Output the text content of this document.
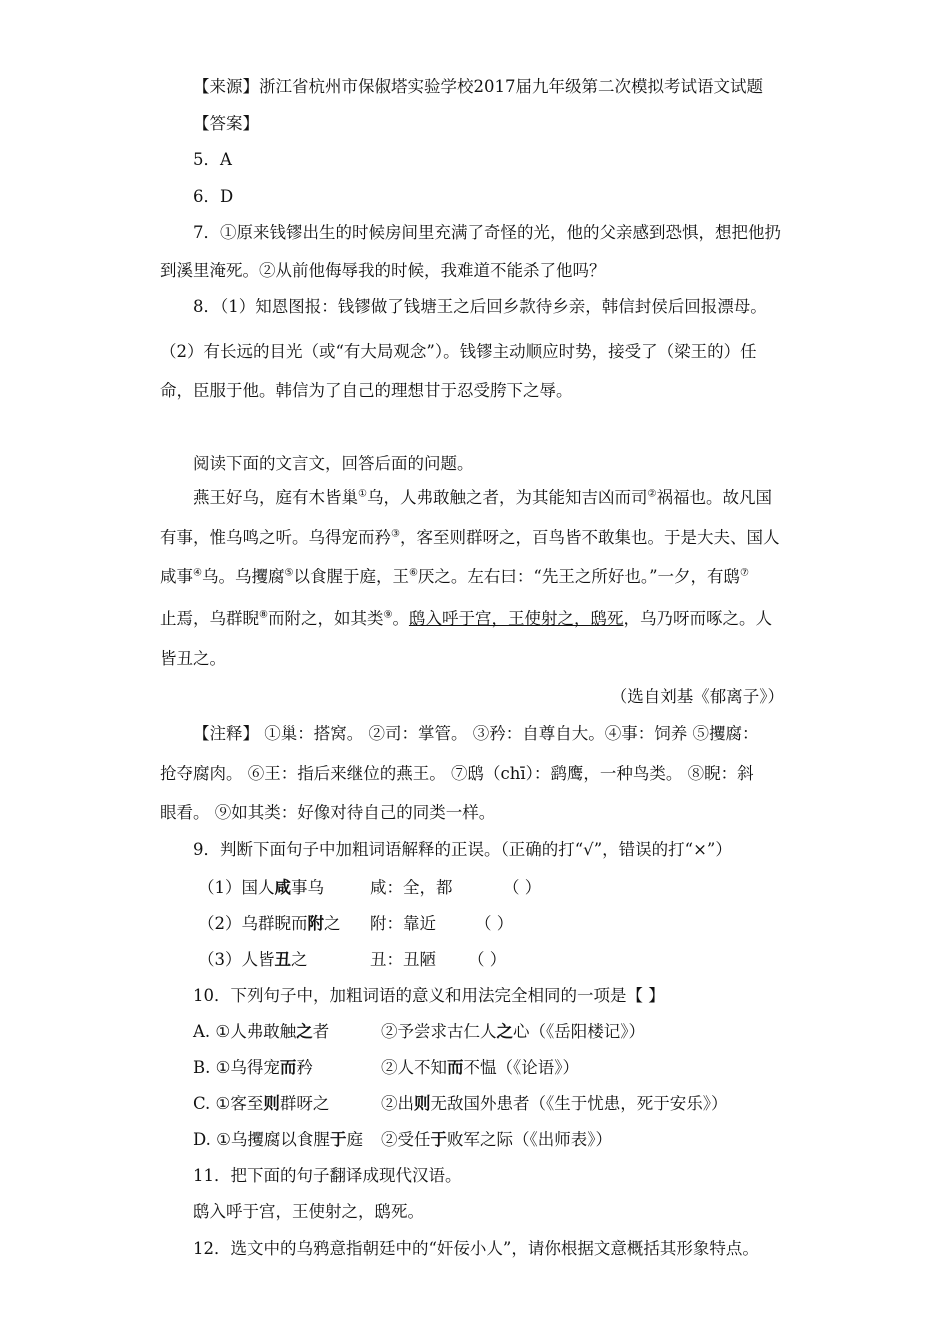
【来源】浙江省杭州市保俶塔实验学校2017届九年级第二次模拟考试语文试题
【答案】
5．A
6．D
7．①原来钱镠出生的时候房间里充满了奇怪的光，他的父亲感到恐惧，想把他扔
到溪里淹死。②从前他侮辱我的时候，我难道不能杀了他吗？
8．（1）知恩图报：钱镠做了钱塘王之后回乡款待乡亲，韩信封侯后回报漂母。
（2）有长远的目光（或“有大局观念”）。钱镠主动顺应时势，接受了（梁王的）任
命，臣服于他。韩信为了自己的理想甘于忍受胯下之辱。
阅读下面的文言文，回答后面的问题。
燕王好乌，庭有木皆巢①乌，人弗敢触之者，为其能知吉凶而司②祸福也。故凡国
有事，惟乌鸣之听。乌得宠而矜③，客至则群呀之，百鸟皆不敢集也。于是大夫、国人
咸事④乌。乌攫腐⑤以食腥于庭，王⑥厌之。左右曰：“先王之所好也。”一夕，有鸱⑦
止焉，乌群睨⑧而附之，如其类⑨。鸱入呼于宫，王使射之，鸱死，乌乃呀而啄之。人
皆丑之。
（选自刘基《郁离子》）
【注释】 ①巢：搭窝。 ②司：掌管。 ③矜：自尊自大。④事：饲养 ⑤攫腐：
抢夺腐肉。 ⑥王：指后来继位的燕王。 ⑦鸱（chī）：鹞鹰，一种鸟类。 ⑧睨：斜
眼看。 ⑨如其类：好像对待自己的同类一样。
9．判断下面句子中加粗词语解释的正误。（正确的打“√”，错误的打“×”）
（1）国人咸事乌	咸：全，都	（ ）
（2）乌群睨而附之 附：靠近 （ ）
（3）人皆丑之	丑：丑陋 （ ）
10．下列句子中，加粗词语的意义和用法完全相同的一项是【 】
A. ①人弗敢触之者	②予尝求古仁人之心（《岳阳楼记》）
B. ①乌得宠而矜	②人不知而不愠（《论语》）
C. ①客至则群呀之	②出则无敌国外患者（《生于忧患，死于安乐》）
D. ①乌攫腐以食腥于庭 ②受任于败军之际（《出师表》）
11．把下面的句子翻译成现代汉语。
鸱入呼于宫，王使射之，鸱死。
12．选文中的乌鸦意指朝廷中的“奸佞小人”，请你根据文意概括其形象特点。
